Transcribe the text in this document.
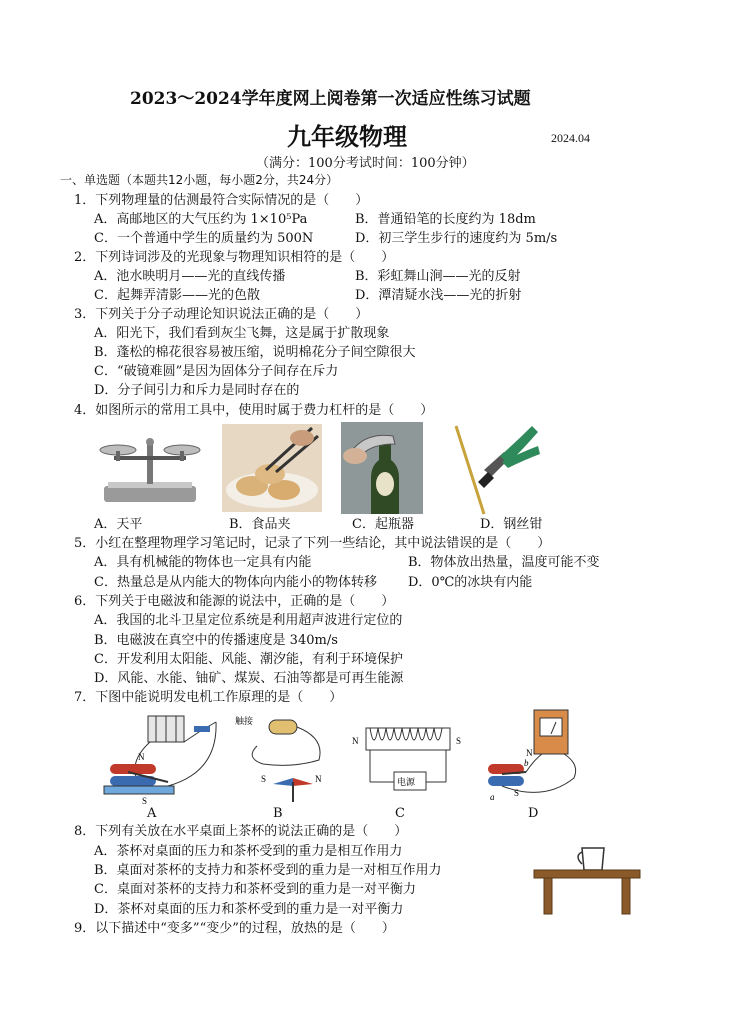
2023～2024学年度网上阅卷第一次适应性练习试题
九年级物理	2024.04
（满分：100分考试时间：100分钟）
一、单选题（本题共12小题，每小题2分，共24分）
1．下列物理量的估测最符合实际情况的是（　　）
A．高邮地区的大气压约为 1×10⁵Pa	B．普通铅笔的长度约为 18dm
C．一个普通中学生的质量约为 500N	D．初三学生步行的速度约为 5m/s
2．下列诗词涉及的光现象与物理知识相符的是（　　）
A．池水映明月——光的直线传播	B．彩虹舞山涧——光的反射
C．起舞弄清影——光的色散	D．潭清疑水浅——光的折射
3．下列关于分子动理论知识说法正确的是（　　）
A．阳光下，我们看到灰尘飞舞，这是属于扩散现象
B．蓬松的棉花很容易被压缩，说明棉花分子间空隙很大
C．“破镜难圆”是因为固体分子间存在斥力
D．分子间引力和斥力是同时存在的
4．如图所示的常用工具中，使用时属于费力杠杆的是（　　）
A．天平	B．食品夹	C．起瓶器	D．钢丝钳
5．小红在整理物理学习笔记时，记录了下列一些结论，其中说法错误的是（　　）
A．具有机械能的物体也一定具有内能	B．物体放出热量，温度可能不变
C．热量总是从内能大的物体向内能小的物体转移 D．0℃的冰块有内能
6．下列关于电磁波和能源的说法中，正确的是（　　）
A．我国的北斗卫星定位系统是利用超声波进行定位的
B．电磁波在真空中的传播速度是 340m/s
C．开发利用太阳能、风能、潮汐能，有利于环境保护
D．风能、水能、铀矿、煤炭、石油等都是可再生能源
7．下图中能说明发电机工作原理的是（　　）
N
S
A
触接
S	N
B
电源
N	S
C
N
S
a
b
D
8．下列有关放在水平桌面上茶杯的说法正确的是（　　）
A．茶杯对桌面的压力和茶杯受到的重力是相互作用力
B．桌面对茶杯的支持力和茶杯受到的重力是一对相互作用力
C．桌面对茶杯的支持力和茶杯受到的重力是一对平衡力
D．茶杯对桌面的压力和茶杯受到的重力是一对平衡力
9．以下描述中“变多”“变少”的过程，放热的是（　　）
